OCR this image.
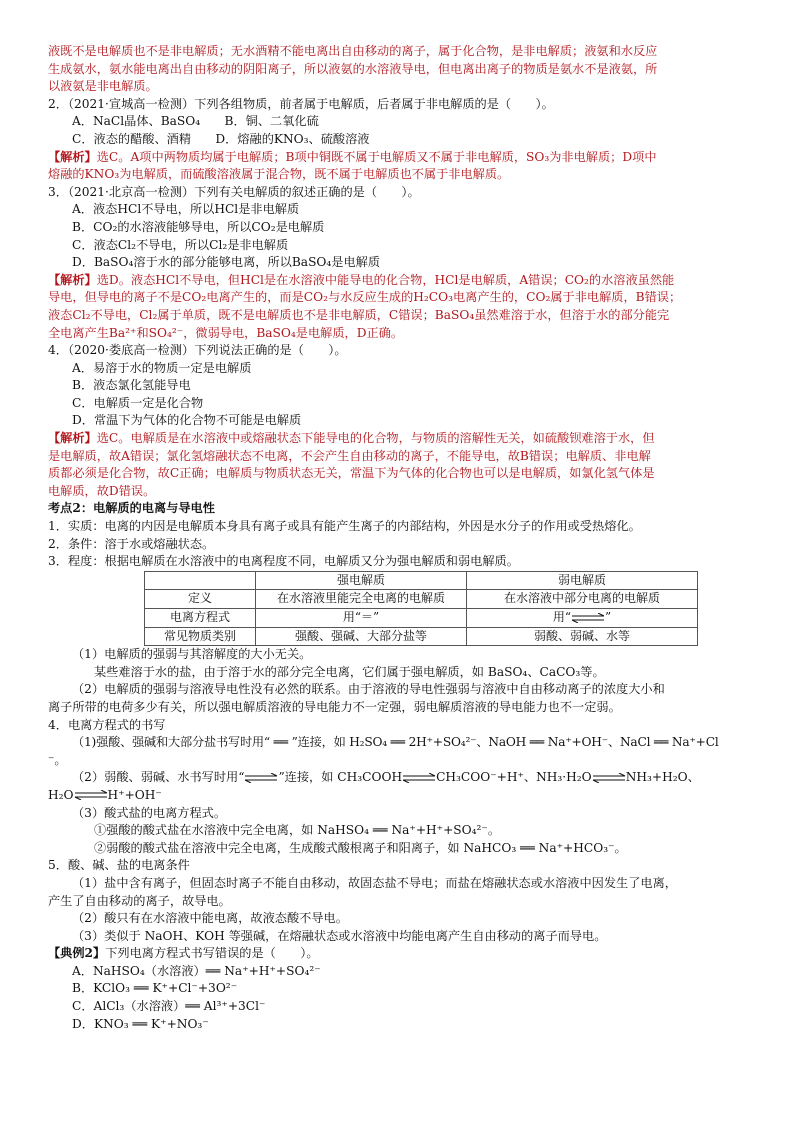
液既不是电解质也不是非电解质；无水酒精不能电离出自由移动的离子，属于化合物，是非电解质；液氨和水反应

生成氨水，氨水能电离出自由移动的阴阳离子，所以液氨的水溶液导电，但电离出离子的物质是氨水不是液氨，所

以液氨是非电解质。

2．（2021·宣城高一检测）下列各组物质，前者属于电解质，后者属于非电解质的是（　　）。

A．NaCl晶体、BaSO₄　　B．铜、二氧化硫

C．液态的醋酸、酒精　　D．熔融的KNO₃、硫酸溶液

【解析】选C。A项中两物质均属于电解质；B项中铜既不属于电解质又不属于非电解质，SO₃为非电解质；D项中

熔融的KNO₃为电解质，而硫酸溶液属于混合物，既不属于电解质也不属于非电解质。

3．（2021·北京高一检测）下列有关电解质的叙述正确的是（　　）。

A．液态HCl不导电，所以HCl是非电解质

B．CO₂的水溶液能够导电，所以CO₂是电解质

C．液态Cl₂不导电，所以Cl₂是非电解质

D．BaSO₄溶于水的部分能够电离，所以BaSO₄是电解质

【解析】选D。液态HCl不导电，但HCl是在水溶液中能导电的化合物，HCl是电解质，A错误；CO₂的水溶液虽然能

导电，但导电的离子不是CO₂电离产生的，而是CO₂与水反应生成的H₂CO₃电离产生的，CO₂属于非电解质，B错误；

液态Cl₂不导电，Cl₂属于单质，既不是电解质也不是非电解质，C错误；BaSO₄虽然难溶于水，但溶于水的部分能完

全电离产生Ba²⁺和SO₄²⁻，微弱导电，BaSO₄是电解质，D正确。

4．（2020·娄底高一检测）下列说法正确的是（　　）。

A．易溶于水的物质一定是电解质

B．液态氯化氢能导电

C．电解质一定是化合物

D．常温下为气体的化合物不可能是电解质

【解析】选C。电解质是在水溶液中或熔融状态下能导电的化合物，与物质的溶解性无关，如硫酸钡难溶于水，但

是电解质，故A错误；氯化氢熔融状态不电离，不会产生自由移动的离子，不能导电，故B错误；电解质、非电解

质都必须是化合物，故C正确；电解质与物质状态无关，常温下为气体的化合物也可以是电解质，如氯化氢气体是

电解质，故D错误。

考点2：电解质的电离与导电性

1．实质：电离的内因是电解质本身具有离子或具有能产生离子的内部结构，外因是水分子的作用或受热熔化。

2．条件：溶于水或熔融状态。

3．程度：根据电解质在水溶液中的电离程度不同，电解质又分为强电解质和弱电解质。

	强电解质	弱电解质
定义	在水溶液里能完全电离的电解质	在水溶液中部分电离的电解质
电离方程式	用“＝”	用“⇌”
常见物质类别	强酸、强碱、大部分盐等	弱酸、弱碱、水等

（1）电解质的强弱与其溶解度的大小无关。

某些难溶于水的盐，由于溶于水的部分完全电离，它们属于强电解质，如 BaSO₄、CaCO₃等。

（2）电解质的强弱与溶液导电性没有必然的联系。由于溶液的导电性强弱与溶液中自由移动离子的浓度大小和

离子所带的电荷多少有关，所以强电解质溶液的导电能力不一定强，弱电解质溶液的导电能力也不一定弱。

4．电离方程式的书写

（1)强酸、强碱和大部分盐书写时用“ ══ ”连接，如 H₂SO₄ ══ 2H⁺+SO₄²⁻、NaOH ══ Na⁺+OH⁻、NaCl ══ Na⁺+Cl

⁻。

（2）弱酸、弱碱、水书写时用“⇌”连接，如 CH₃COOH⇌CH₃COO⁻+H⁺、NH₃·H₂O⇌NH₃+H₂O、

H₂O⇌H⁺+OH⁻

（3）酸式盐的电离方程式。

①强酸的酸式盐在水溶液中完全电离，如 NaHSO₄ ══ Na⁺+H⁺+SO₄²⁻。

②弱酸的酸式盐在溶液中完全电离，生成酸式酸根离子和阳离子，如 NaHCO₃ ══ Na⁺+HCO₃⁻。

5．酸、碱、盐的电离条件

（1）盐中含有离子，但固态时离子不能自由移动，故固态盐不导电；而盐在熔融状态或水溶液中因发生了电离，

产生了自由移动的离子，故导电。

（2）酸只有在水溶液中能电离，故液态酸不导电。

（3）类似于 NaOH、KOH 等强碱，在熔融状态或水溶液中均能电离产生自由移动的离子而导电。

【典例2】下列电离方程式书写错误的是（　　）。

A．NaHSO₄（水溶液）══ Na⁺+H⁺+SO₄²⁻

B．KClO₃ ══ K⁺+Cl⁻+3O²⁻

C．AlCl₃（水溶液）══ Al³⁺+3Cl⁻

D．KNO₃ ══ K⁺+NO₃⁻
